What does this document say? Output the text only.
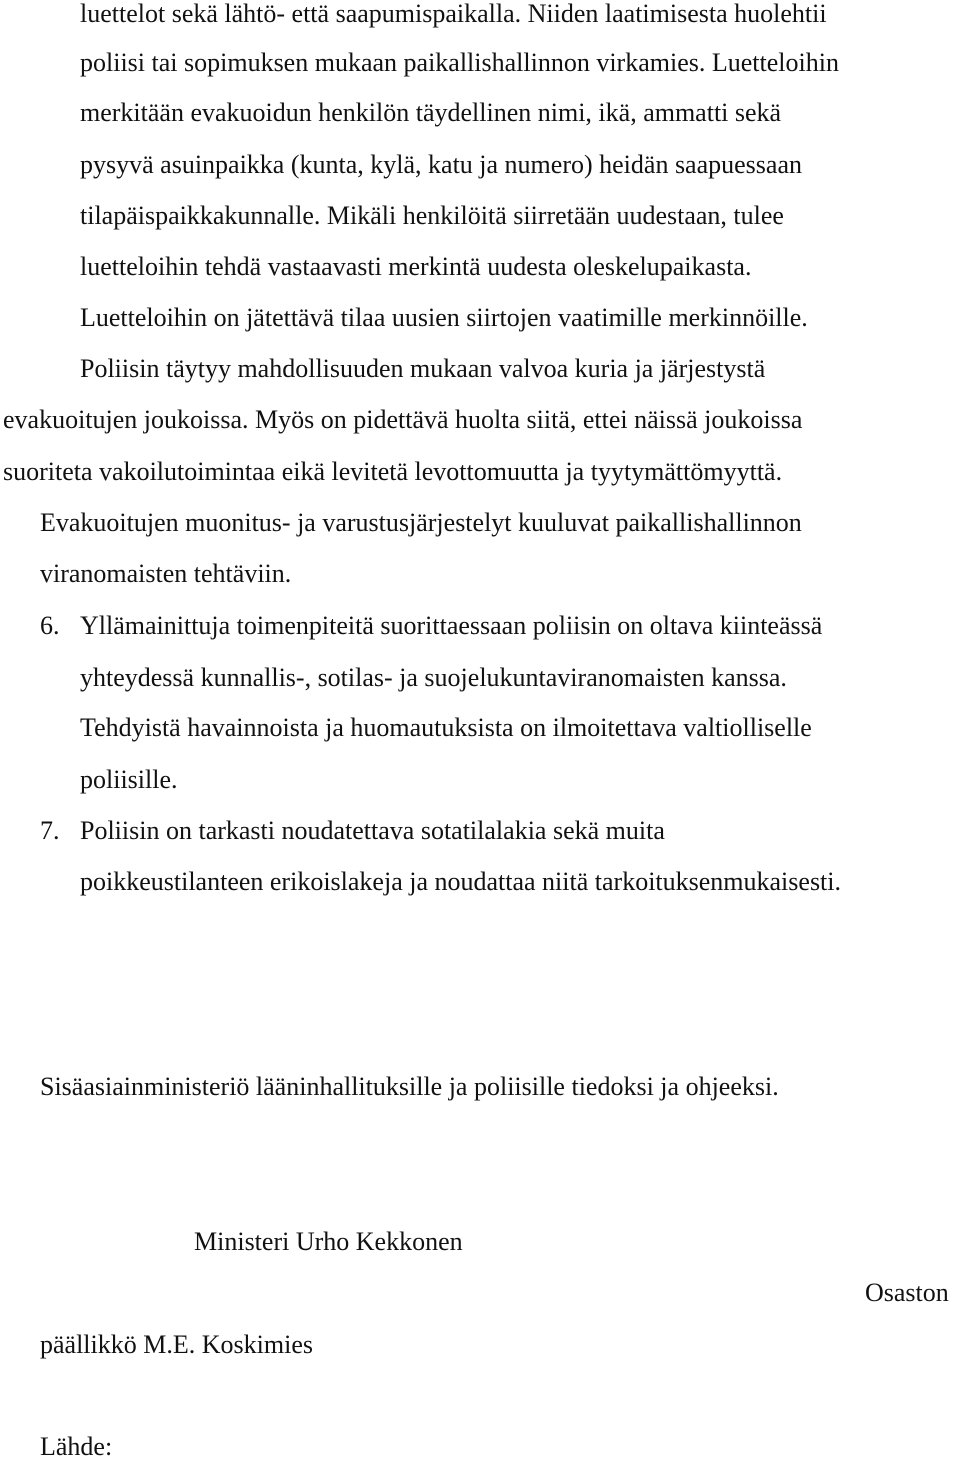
luettelot sekä lähtö- että saapumispaikalla. Niiden laatimisesta huolehtii

poliisi tai sopimuksen mukaan paikallishallinnon virkamies. Luetteloihin

merkitään evakuoidun henkilön täydellinen nimi, ikä, ammatti sekä

pysyvä asuinpaikka (kunta, kylä, katu ja numero) heidän saapuessaan

tilapäispaikkakunnalle. Mikäli henkilöitä siirretään uudestaan, tulee

luetteloihin tehdä vastaavasti merkintä uudesta oleskelupaikasta.

Luetteloihin on jätettävä tilaa uusien siirtojen vaatimille merkinnöille.

Poliisin täytyy mahdollisuuden mukaan valvoa kuria ja järjestystä

evakuoitujen joukoissa. Myös on pidettävä huolta siitä, ettei näissä joukoissa

suoriteta vakoilutoimintaa eikä levitetä levottomuutta ja tyytymättömyyttä.

Evakuoitujen muonitus- ja varustusjärjestelyt kuuluvat paikallishallinnon

viranomaisten tehtäviin.

6. Yllämainittuja toimenpiteitä suorittaessaan poliisin on oltava kiinteässä

yhteydessä kunnallis-, sotilas- ja suojelukuntaviranomaisten kanssa.

Tehdyistä havainnoista ja huomautuksista on ilmoitettava valtiolliselle

poliisille.

7. Poliisin on tarkasti noudatettava sotatilalakia sekä muita

poikkeustilanteen erikoislakeja ja noudattaa niitä tarkoituksenmukaisesti.

Sisäasiainministeriö lääninhallituksille ja poliisille tiedoksi ja ohjeeksi.

Ministeri Urho Kekkonen

Osaston

päällikkö M.E. Koskimies

Lähde:
